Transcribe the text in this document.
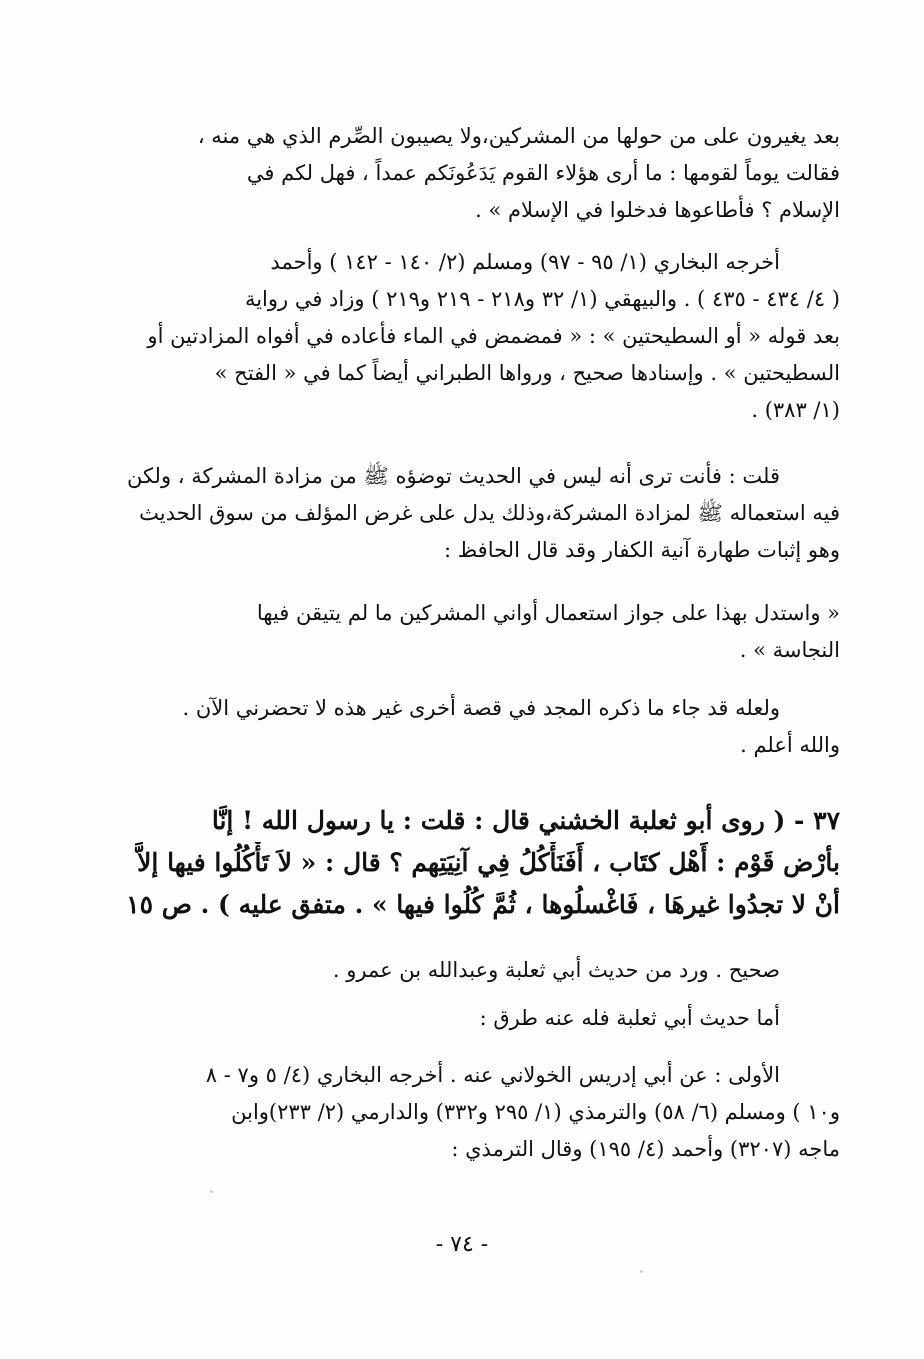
بعد يغيرون على من حولها من المشركين،ولا يصيبون الصِّرم الذي هي منه ،
فقالت يوماً لقومها : ما أرى هؤلاء القوم يَدَعُونَكم عمداً ، فهل لكم في
الإسلام ؟ فأطاعوها فدخلوا في الإسلام » .
أخرجه البخاري (١/ ٩٥ - ٩٧) ومسلم (٢/ ١٤٠ - ١٤٢ ) وأحمد
( ٤/ ٤٣٤ - ٤٣٥ ) . والبيهقي (١/ ٣٢ و٢١٨ - ٢١٩ و٢١٩ ) وزاد في رواية
بعد قوله « أو السطيحتين » : « فمضمض في الماء فأعاده في أفواه المزادتين أو
السطيحتين » . وإسنادها صحيح ، ورواها الطبراني أيضاً كما في « الفتح »
(١/ ٣٨٣) .
قلت : فأنت ترى أنه ليس في الحديث توضؤه ﷺ من مزادة المشركة ، ولكن
فيه استعماله ﷺ لمزادة المشركة،وذلك يدل على غرض المؤلف من سوق الحديث
وهو إثبات طهارة آنية الكفار وقد قال الحافظ :
« واستدل بهذا على جواز استعمال أواني المشركين ما لم يتيقن فيها
النجاسة » .
ولعله قد جاء ما ذكره المجد في قصة أخرى غير هذه لا تحضرني الآن .
والله أعلم .
٣٧ - ( روى أبو ثعلبة الخشني قال : قلت : يا رسول الله ! إنَّا
بأرْض قَوْم : أَهْل كتَاب ، أَفَنَأْكُلُ فِي آنِيَتِهم ؟ قال : « لاَ تَأْكُلُوا فيها إلاَّ
أنْ لا تجدُوا غيرهَا ، فَاغْسلُوها ، ثُمَّ كُلُوا فيها » . متفق عليه ) . ص ١٥
صحيح . ورد من حديث أبي ثعلبة وعبدالله بن عمرو .
أما حديث أبي ثعلبة فله عنه طرق :
الأولى : عن أبي إدريس الخولاني عنه . أخرجه البخاري (٤/ ٥ و٧ - ٨
و١٠ ) ومسلم (٦/ ٥٨) والترمذي (١/ ٢٩٥ و٣٣٢) والدارمي (٢/ ٢٣٣)وابن
ماجه (٣٢٠٧) وأحمد (٤/ ١٩٥) وقال الترمذي :
- ٧٤ -
